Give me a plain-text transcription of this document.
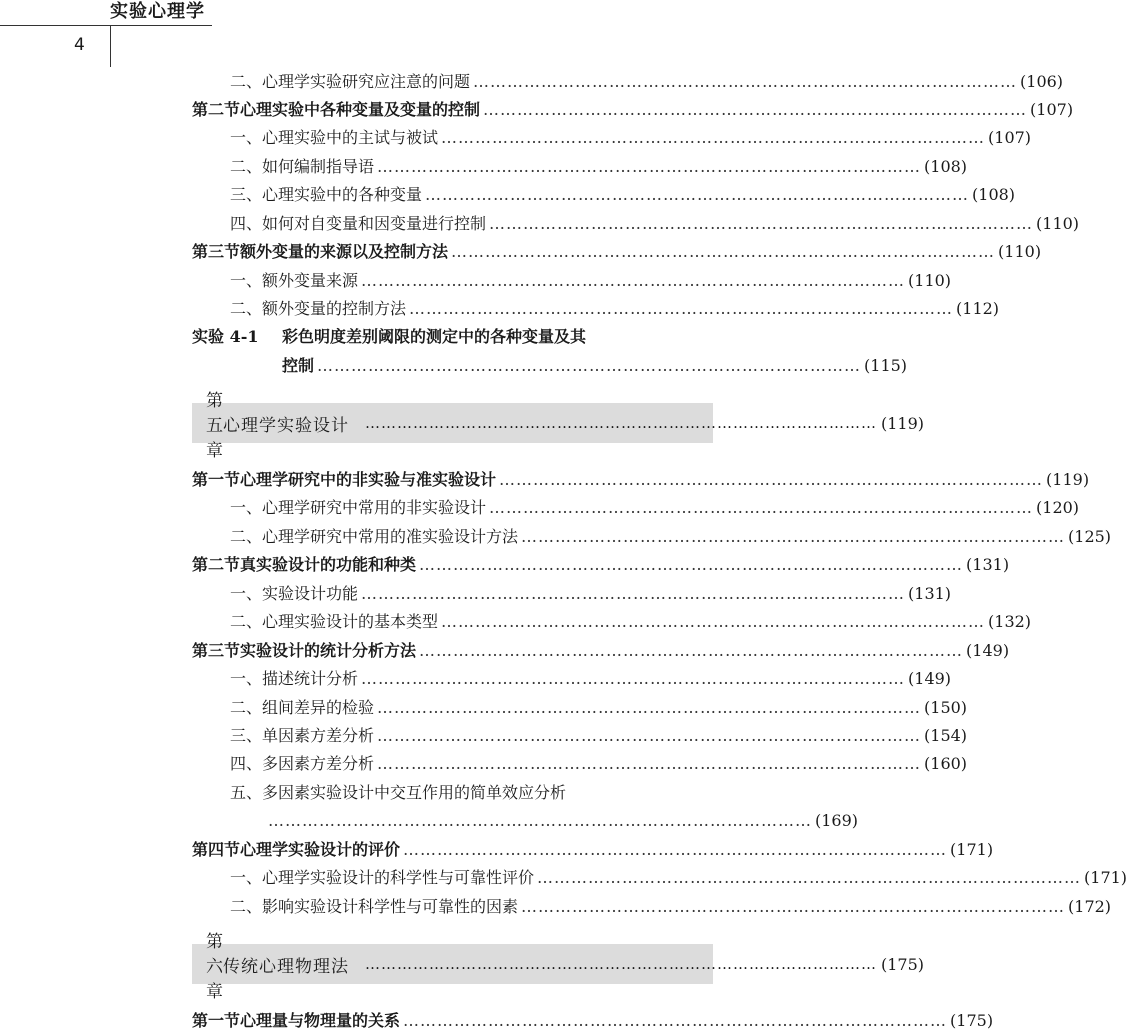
实验心理学
4
二、心理学实验研究应注意的问题 …………………………………………………………………………………… (106)
第二节 心理实验中各种变量及变量的控制 …………………………………………………………………………………… (107)
一、心理实验中的主试与被试 …………………………………………………………………………………… (107)
二、如何编制指导语 …………………………………………………………………………………… (108)
三、心理实验中的各种变量 …………………………………………………………………………………… (108)
四、如何对自变量和因变量进行控制 …………………………………………………………………………………… (110)
第三节 额外变量的来源以及控制方法 …………………………………………………………………………………… (110)
一、额外变量来源 …………………………………………………………………………………… (110)
二、额外变量的控制方法 …………………………………………………………………………………… (112)
实验 4-1	彩色明度差别阈限的测定中的各种变量及其
控制 …………………………………………………………………………………… (115)
第五章
心理学实验设计 …………………………………………………………………………………… (119)
第一节 心理学研究中的非实验与准实验设计 …………………………………………………………………………………… (119)
一、心理学研究中常用的非实验设计 …………………………………………………………………………………… (120)
二、心理学研究中常用的准实验设计方法 …………………………………………………………………………………… (125)
第二节 真实验设计的功能和种类 …………………………………………………………………………………… (131)
一、实验设计功能 …………………………………………………………………………………… (131)
二、心理实验设计的基本类型 …………………………………………………………………………………… (132)
第三节 实验设计的统计分析方法 …………………………………………………………………………………… (149)
一、描述统计分析 …………………………………………………………………………………… (149)
二、组间差异的检验 …………………………………………………………………………………… (150)
三、单因素方差分析 …………………………………………………………………………………… (154)
四、多因素方差分析 …………………………………………………………………………………… (160)
五、多因素实验设计中交互作用的简单效应分析
…………………………………………………………………………………… (169)
第四节 心理学实验设计的评价 …………………………………………………………………………………… (171)
一、心理学实验设计的科学性与可靠性评价 …………………………………………………………………………………… (171)
二、影响实验设计科学性与可靠性的因素 …………………………………………………………………………………… (172)
第六章
传统心理物理法 …………………………………………………………………………………… (175)
第一节 心理量与物理量的关系 …………………………………………………………………………………… (175)
